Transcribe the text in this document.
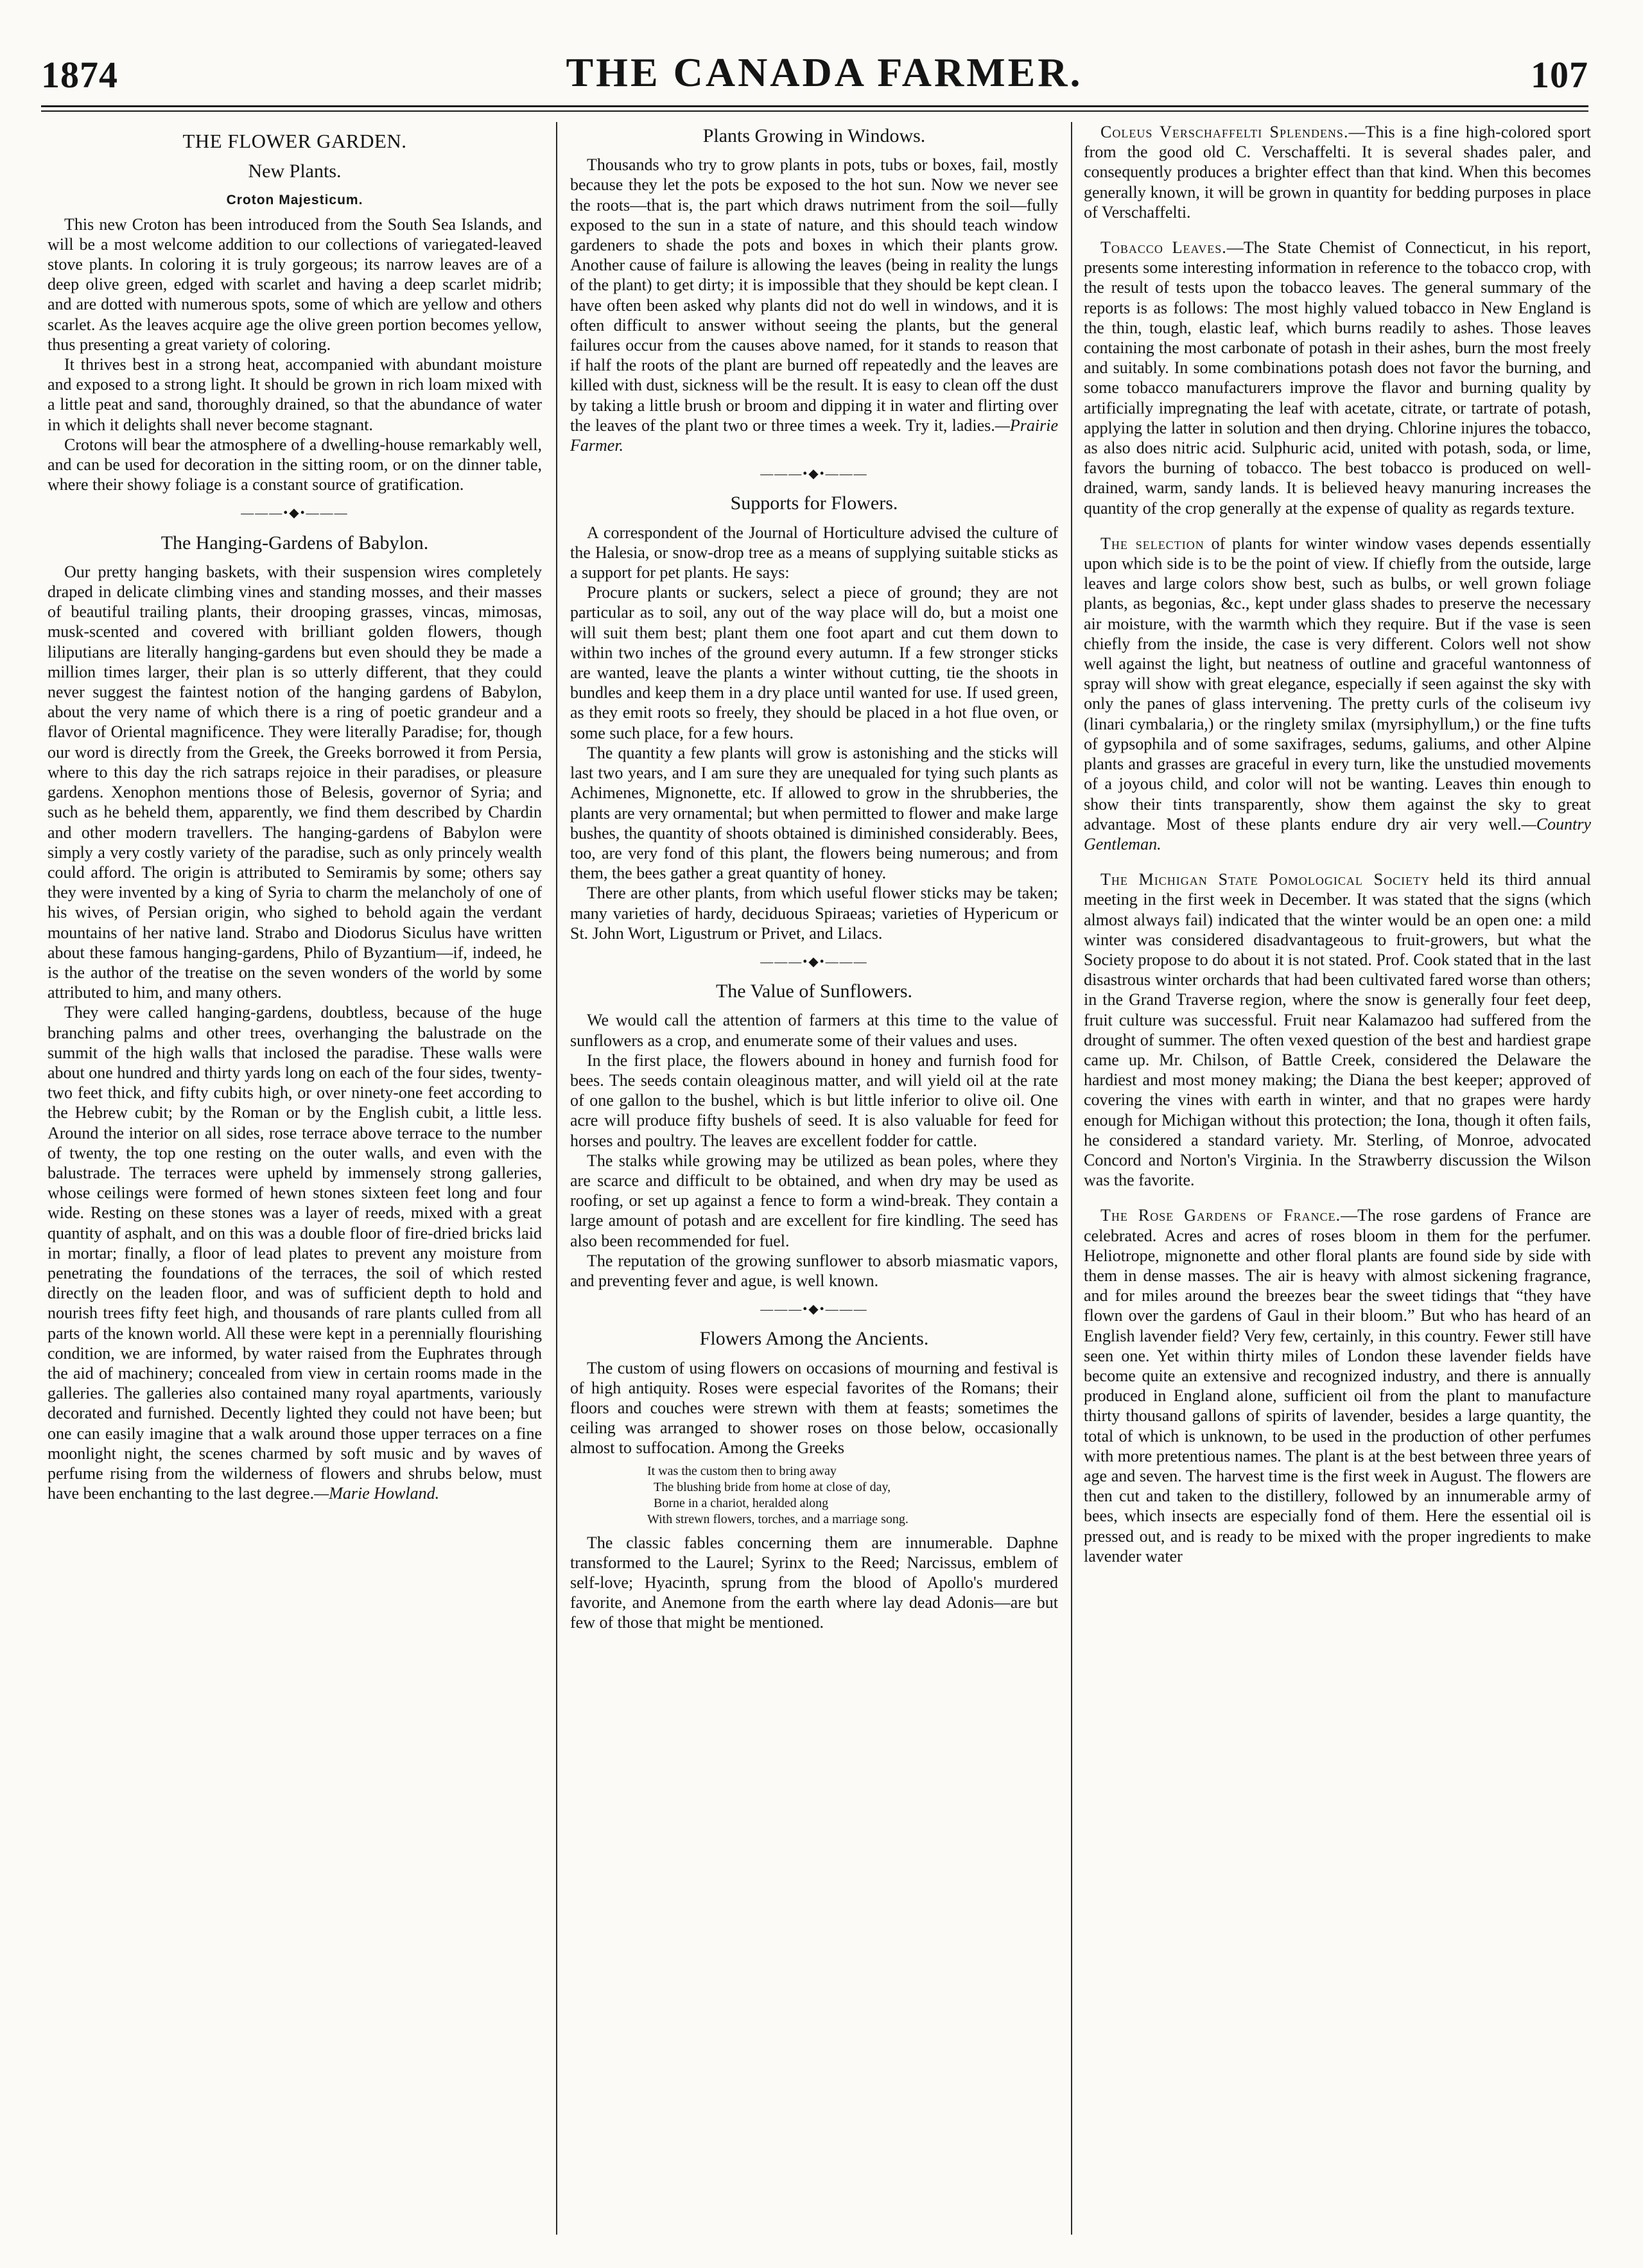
1874	THE CANADA FARMER.	107
THE FLOWER GARDEN.
New Plants.
Croton Majesticum.

This new Croton has been introduced from the South Sea Islands, and will be a most welcome addition to our collections of variegated-leaved stove plants. In coloring it is truly gorgeous; its narrow leaves are of a deep olive green, edged with scarlet and having a deep scarlet midrib; and are dotted with numerous spots, some of which are yellow and others scarlet. As the leaves acquire age the olive green portion becomes yellow, thus presenting a great variety of coloring.

It thrives best in a strong heat, accompanied with abundant moisture and exposed to a strong light. It should be grown in rich loam mixed with a little peat and sand, thoroughly drained, so that the abundance of water in which it delights shall never become stagnant.

Crotons will bear the atmosphere of a dwelling-house remarkably well, and can be used for decoration in the sitting room, or on the dinner table, where their showy foliage is a constant source of gratification.

———•◆•———
The Hanging-Gardens of Babylon.

Our pretty hanging baskets, with their suspension wires completely draped in delicate climbing vines and standing mosses, and their masses of beautiful trailing plants, their drooping grasses, vincas, mimosas, musk-scented and covered with brilliant golden flowers, though liliputians are literally hanging-gardens but even should they be made a million times larger, their plan is so utterly different, that they could never suggest the faintest notion of the hanging gardens of Babylon, about the very name of which there is a ring of poetic grandeur and a flavor of Oriental magnificence. They were literally Paradise; for, though our word is directly from the Greek, the Greeks borrowed it from Persia, where to this day the rich satraps rejoice in their paradises, or pleasure gardens. Xenophon mentions those of Belesis, governor of Syria; and such as he beheld them, apparently, we find them described by Chardin and other modern travellers. The hanging-gardens of Babylon were simply a very costly variety of the paradise, such as only princely wealth could afford. The origin is attributed to Semiramis by some; others say they were invented by a king of Syria to charm the melancholy of one of his wives, of Persian origin, who sighed to behold again the verdant mountains of her native land. Strabo and Diodorus Siculus have written about these famous hanging-gardens, Philo of Byzantium—if, indeed, he is the author of the treatise on the seven wonders of the world by some attributed to him, and many others.

They were called hanging-gardens, doubtless, because of the huge branching palms and other trees, overhanging the balustrade on the summit of the high walls that inclosed the paradise. These walls were about one hundred and thirty yards long on each of the four sides, twenty-two feet thick, and fifty cubits high, or over ninety-one feet according to the Hebrew cubit; by the Roman or by the English cubit, a little less. Around the interior on all sides, rose terrace above terrace to the number of twenty, the top one resting on the outer walls, and even with the balustrade. The terraces were upheld by immensely strong galleries, whose ceilings were formed of hewn stones sixteen feet long and four wide. Resting on these stones was a layer of reeds, mixed with a great quantity of asphalt, and on this was a double floor of fire-dried bricks laid in mortar; finally, a floor of lead plates to prevent any moisture from penetrating the foundations of the terraces, the soil of which rested directly on the leaden floor, and was of sufficient depth to hold and nourish trees fifty feet high, and thousands of rare plants culled from all parts of the known world. All these were kept in a perennially flourishing condition, we are informed, by water raised from the Euphrates through the aid of machinery; concealed from view in certain rooms made in the galleries. The galleries also contained many royal apartments, variously decorated and furnished. Decently lighted they could not have been; but one can easily imagine that a walk around those upper terraces on a fine moonlight night, the scenes charmed by soft music and by waves of perfume rising from the wilderness of flowers and shrubs below, must have been enchanting to the last degree.—Marie Howland.

Plants Growing in Windows.

Thousands who try to grow plants in pots, tubs or boxes, fail, mostly because they let the pots be exposed to the hot sun. Now we never see the roots—that is, the part which draws nutriment from the soil—fully exposed to the sun in a state of nature, and this should teach window gardeners to shade the pots and boxes in which their plants grow. Another cause of failure is allowing the leaves (being in reality the lungs of the plant) to get dirty; it is impossible that they should be kept clean. I have often been asked why plants did not do well in windows, and it is often difficult to answer without seeing the plants, but the general failures occur from the causes above named, for it stands to reason that if half the roots of the plant are burned off repeatedly and the leaves are killed with dust, sickness will be the result. It is easy to clean off the dust by taking a little brush or broom and dipping it in water and flirting over the leaves of the plant two or three times a week. Try it, ladies.—Prairie Farmer.

———•◆•———
Supports for Flowers.

A correspondent of the Journal of Horticulture advised the culture of the Halesia, or snow-drop tree as a means of supplying suitable sticks as a support for pet plants. He says:

Procure plants or suckers, select a piece of ground; they are not particular as to soil, any out of the way place will do, but a moist one will suit them best; plant them one foot apart and cut them down to within two inches of the ground every autumn. If a few stronger sticks are wanted, leave the plants a winter without cutting, tie the shoots in bundles and keep them in a dry place until wanted for use. If used green, as they emit roots so freely, they should be placed in a hot flue oven, or some such place, for a few hours.

The quantity a few plants will grow is astonishing and the sticks will last two years, and I am sure they are unequaled for tying such plants as Achimenes, Mignonette, etc. If allowed to grow in the shrubberies, the plants are very ornamental; but when permitted to flower and make large bushes, the quantity of shoots obtained is diminished considerably. Bees, too, are very fond of this plant, the flowers being numerous; and from them, the bees gather a great quantity of honey.

There are other plants, from which useful flower sticks may be taken; many varieties of hardy, deciduous Spiraeas; varieties of Hypericum or St. John Wort, Ligustrum or Privet, and Lilacs.

———•◆•———
The Value of Sunflowers.

We would call the attention of farmers at this time to the value of sunflowers as a crop, and enumerate some of their values and uses.

In the first place, the flowers abound in honey and furnish food for bees. The seeds contain oleaginous matter, and will yield oil at the rate of one gallon to the bushel, which is but little inferior to olive oil. One acre will produce fifty bushels of seed. It is also valuable for feed for horses and poultry. The leaves are excellent fodder for cattle.

The stalks while growing may be utilized as bean poles, where they are scarce and difficult to be obtained, and when dry may be used as roofing, or set up against a fence to form a wind-break. They contain a large amount of potash and are excellent for fire kindling. The seed has also been recommended for fuel.

The reputation of the growing sunflower to absorb miasmatic vapors, and preventing fever and ague, is well known.

———•◆•———
Flowers Among the Ancients.

The custom of using flowers on occasions of mourning and festival is of high antiquity. Roses were especial favorites of the Romans; their floors and couches were strewn with them at feasts; sometimes the ceiling was arranged to shower roses on those below, occasionally almost to suffocation. Among the Greeks

It was the custom then to bring away
The blushing bride from home at close of day,
Borne in a chariot, heralded along
With strewn flowers, torches, and a marriage song.

The classic fables concerning them are innumerable. Daphne transformed to the Laurel; Syrinx to the Reed; Narcissus, emblem of self-love; Hyacinth, sprung from the blood of Apollo's murdered favorite, and Anemone from the earth where lay dead Adonis—are but few of those that might be mentioned.

Coleus Verschaffelti Splendens.—This is a fine high-colored sport from the good old C. Verschaffelti. It is several shades paler, and consequently produces a brighter effect than that kind. When this becomes generally known, it will be grown in quantity for bedding purposes in place of Verschaffelti.

Tobacco Leaves.—The State Chemist of Connecticut, in his report, presents some interesting information in reference to the tobacco crop, with the result of tests upon the tobacco leaves. The general summary of the reports is as follows: The most highly valued tobacco in New England is the thin, tough, elastic leaf, which burns readily to ashes. Those leaves containing the most carbonate of potash in their ashes, burn the most freely and suitably. In some combinations potash does not favor the burning, and some tobacco manufacturers improve the flavor and burning quality by artificially impregnating the leaf with acetate, citrate, or tartrate of potash, applying the latter in solution and then drying. Chlorine injures the tobacco, as also does nitric acid. Sulphuric acid, united with potash, soda, or lime, favors the burning of tobacco. The best tobacco is produced on well-drained, warm, sandy lands. It is believed heavy manuring increases the quantity of the crop generally at the expense of quality as regards texture.

The selection of plants for winter window vases depends essentially upon which side is to be the point of view. If chiefly from the outside, large leaves and large colors show best, such as bulbs, or well grown foliage plants, as begonias, &c., kept under glass shades to preserve the necessary air moisture, with the warmth which they require. But if the vase is seen chiefly from the inside, the case is very different. Colors well not show well against the light, but neatness of outline and graceful wantonness of spray will show with great elegance, especially if seen against the sky with only the panes of glass intervening. The pretty curls of the coliseum ivy (linari cymbalaria,) or the ringlety smilax (myrsiphyllum,) or the fine tufts of gypsophila and of some saxifrages, sedums, galiums, and other Alpine plants and grasses are graceful in every turn, like the unstudied movements of a joyous child, and color will not be wanting. Leaves thin enough to show their tints transparently, show them against the sky to great advantage. Most of these plants endure dry air very well.—Country Gentleman.

The Michigan State Pomological Society held its third annual meeting in the first week in December. It was stated that the signs (which almost always fail) indicated that the winter would be an open one: a mild winter was considered disadvantageous to fruit-growers, but what the Society propose to do about it is not stated. Prof. Cook stated that in the last disastrous winter orchards that had been cultivated fared worse than others; in the Grand Traverse region, where the snow is generally four feet deep, fruit culture was successful. Fruit near Kalamazoo had suffered from the drought of summer. The often vexed question of the best and hardiest grape came up. Mr. Chilson, of Battle Creek, considered the Delaware the hardiest and most money making; the Diana the best keeper; approved of covering the vines with earth in winter, and that no grapes were hardy enough for Michigan without this protection; the Iona, though it often fails, he considered a standard variety. Mr. Sterling, of Monroe, advocated Concord and Norton's Virginia. In the Strawberry discussion the Wilson was the favorite.

The Rose Gardens of France.—The rose gardens of France are celebrated. Acres and acres of roses bloom in them for the perfumer. Heliotrope, mignonette and other floral plants are found side by side with them in dense masses. The air is heavy with almost sickening fragrance, and for miles around the breezes bear the sweet tidings that “they have flown over the gardens of Gaul in their bloom.” But who has heard of an English lavender field? Very few, certainly, in this country. Fewer still have seen one. Yet within thirty miles of London these lavender fields have become quite an extensive and recognized industry, and there is annually produced in England alone, sufficient oil from the plant to manufacture thirty thousand gallons of spirits of lavender, besides a large quantity, the total of which is unknown, to be used in the production of other perfumes with more pretentious names. The plant is at the best between three years of age and seven. The harvest time is the first week in August. The flowers are then cut and taken to the distillery, followed by an innumerable army of bees, which insects are especially fond of them. Here the essential oil is pressed out, and is ready to be mixed with the proper ingredients to make lavender water
